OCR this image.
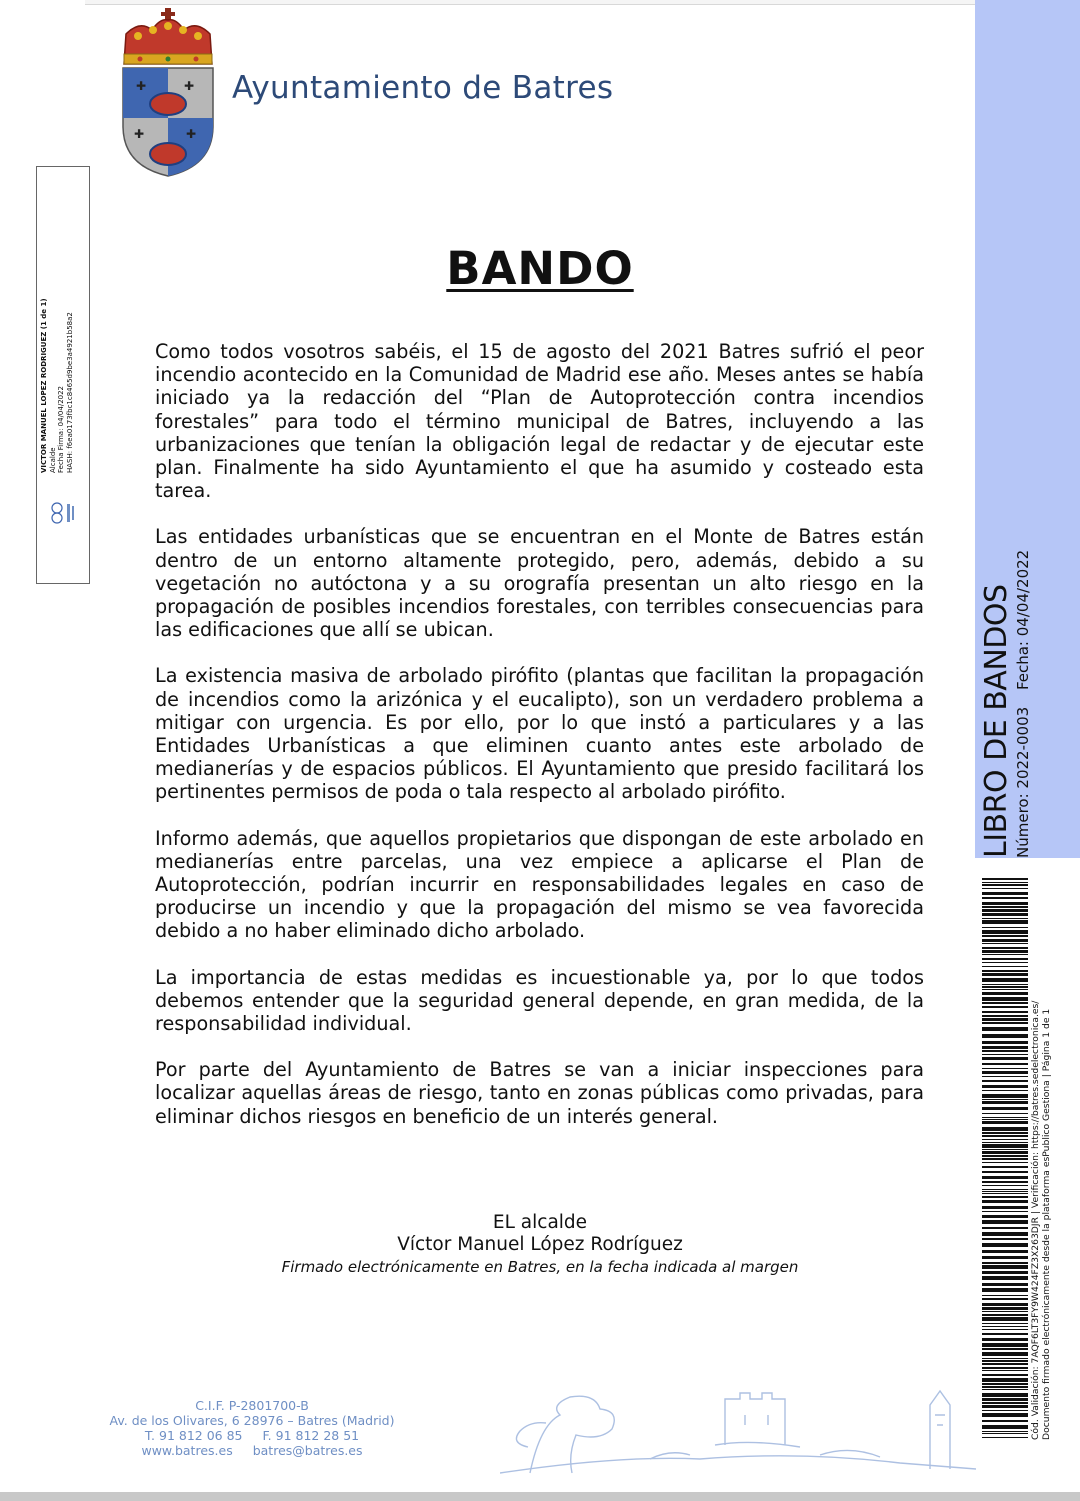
✚	✚
✚	✚
Ayuntamiento de Batres
VICTOR MANUEL LOPEZ RODRIGUEZ (1 de 1) Alcalde Fecha Firma: 04/04/2022 HASH: f6ea0173fbc1c8465d9be3a4921b58a2
LIBRO DE BANDOS Número: 2022-0003 Fecha: 04/04/2022
Cód. Validación: 7AQF6LT3FY9W424FZ3X263DJR | Verificación: https://batres.sedelectronica.es/ Documento firmado electrónicamente desde la plataforma esPublico Gestiona | Página 1 de 1
BANDO

Como todos vosotros sabéis, el 15 de agosto del 2021 Batres sufrió el peor incendio acontecido en la Comunidad de Madrid ese año. Meses antes se había iniciado ya la redacción del “Plan de Autoprotección contra incendios forestales” para todo el término municipal de Batres, incluyendo a las urbanizaciones que tenían la obligación legal de redactar y de ejecutar este plan. Finalmente ha sido Ayuntamiento el que ha asumido y costeado esta tarea.

Las entidades urbanísticas que se encuentran en el Monte de Batres están dentro de un entorno altamente protegido, pero, además, debido a su vegetación no autóctona y a su orografía presentan un alto riesgo en la propagación de posibles incendios forestales, con terribles consecuencias para las edificaciones que allí se ubican.

La existencia masiva de arbolado pirófito (plantas que facilitan la propagación de incendios como la arizónica y el eucalipto), son un verdadero problema a mitigar con urgencia. Es por ello, por lo que instó a particulares y a las Entidades Urbanísticas a que eliminen cuanto antes este arbolado de medianerías y de espacios públicos. El Ayuntamiento que presido facilitará los pertinentes permisos de poda o tala respecto al arbolado pirófito.

Informo además, que aquellos propietarios que dispongan de este arbolado en medianerías entre parcelas, una vez empiece a aplicarse el Plan de Autoprotección, podrían incurrir en responsabilidades legales en caso de producirse un incendio y que la propagación del mismo se vea favorecida debido a no haber eliminado dicho arbolado.

La importancia de estas medidas es incuestionable ya, por lo que todos debemos entender que la seguridad general depende, en gran medida, de la responsabilidad individual.

Por parte del Ayuntamiento de Batres se van a iniciar inspecciones para localizar aquellas áreas de riesgo, tanto en zonas públicas como privadas, para eliminar dichos riesgos en beneficio de un interés general.

EL alcalde
Víctor Manuel López Rodríguez
Firmado electrónicamente en Batres, en la fecha indicada al margen
C.I.F. P-2801700-B
Av. de los Olivares, 6 28976 – Batres (Madrid)
T. 91 812 06 85 F. 91 812 28 51
www.batres.es batres@batres.es
